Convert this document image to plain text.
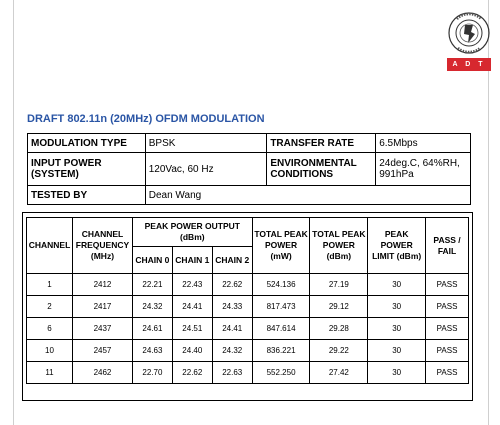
A D T
DRAFT 802.11n (20MHz) OFDM MODULATION
MODULATION TYPE	BPSK	TRANSFER RATE	6.5Mbps
INPUT POWER (SYSTEM)	120Vac, 60 Hz	ENVIRONMENTAL CONDITIONS	24deg.C, 64%RH, 991hPa
TESTED BY	Dean Wang		
CHANNEL	CHANNEL FREQUENCY (MHz)	PEAK POWER OUTPUT (dBm)			TOTAL PEAK POWER (mW)	TOTAL PEAK POWER (dBm)	PEAK POWER LIMIT (dBm)	PASS / FAIL
		CHAIN 0	CHAIN 1	CHAIN 2				
1	2412	22.21	22.43	22.62	524.136	27.19	30	PASS
2	2417	24.32	24.41	24.33	817.473	29.12	30	PASS
6	2437	24.61	24.51	24.41	847.614	29.28	30	PASS
10	2457	24.63	24.40	24.32	836.221	29.22	30	PASS
11	2462	22.70	22.62	22.63	552.250	27.42	30	PASS
